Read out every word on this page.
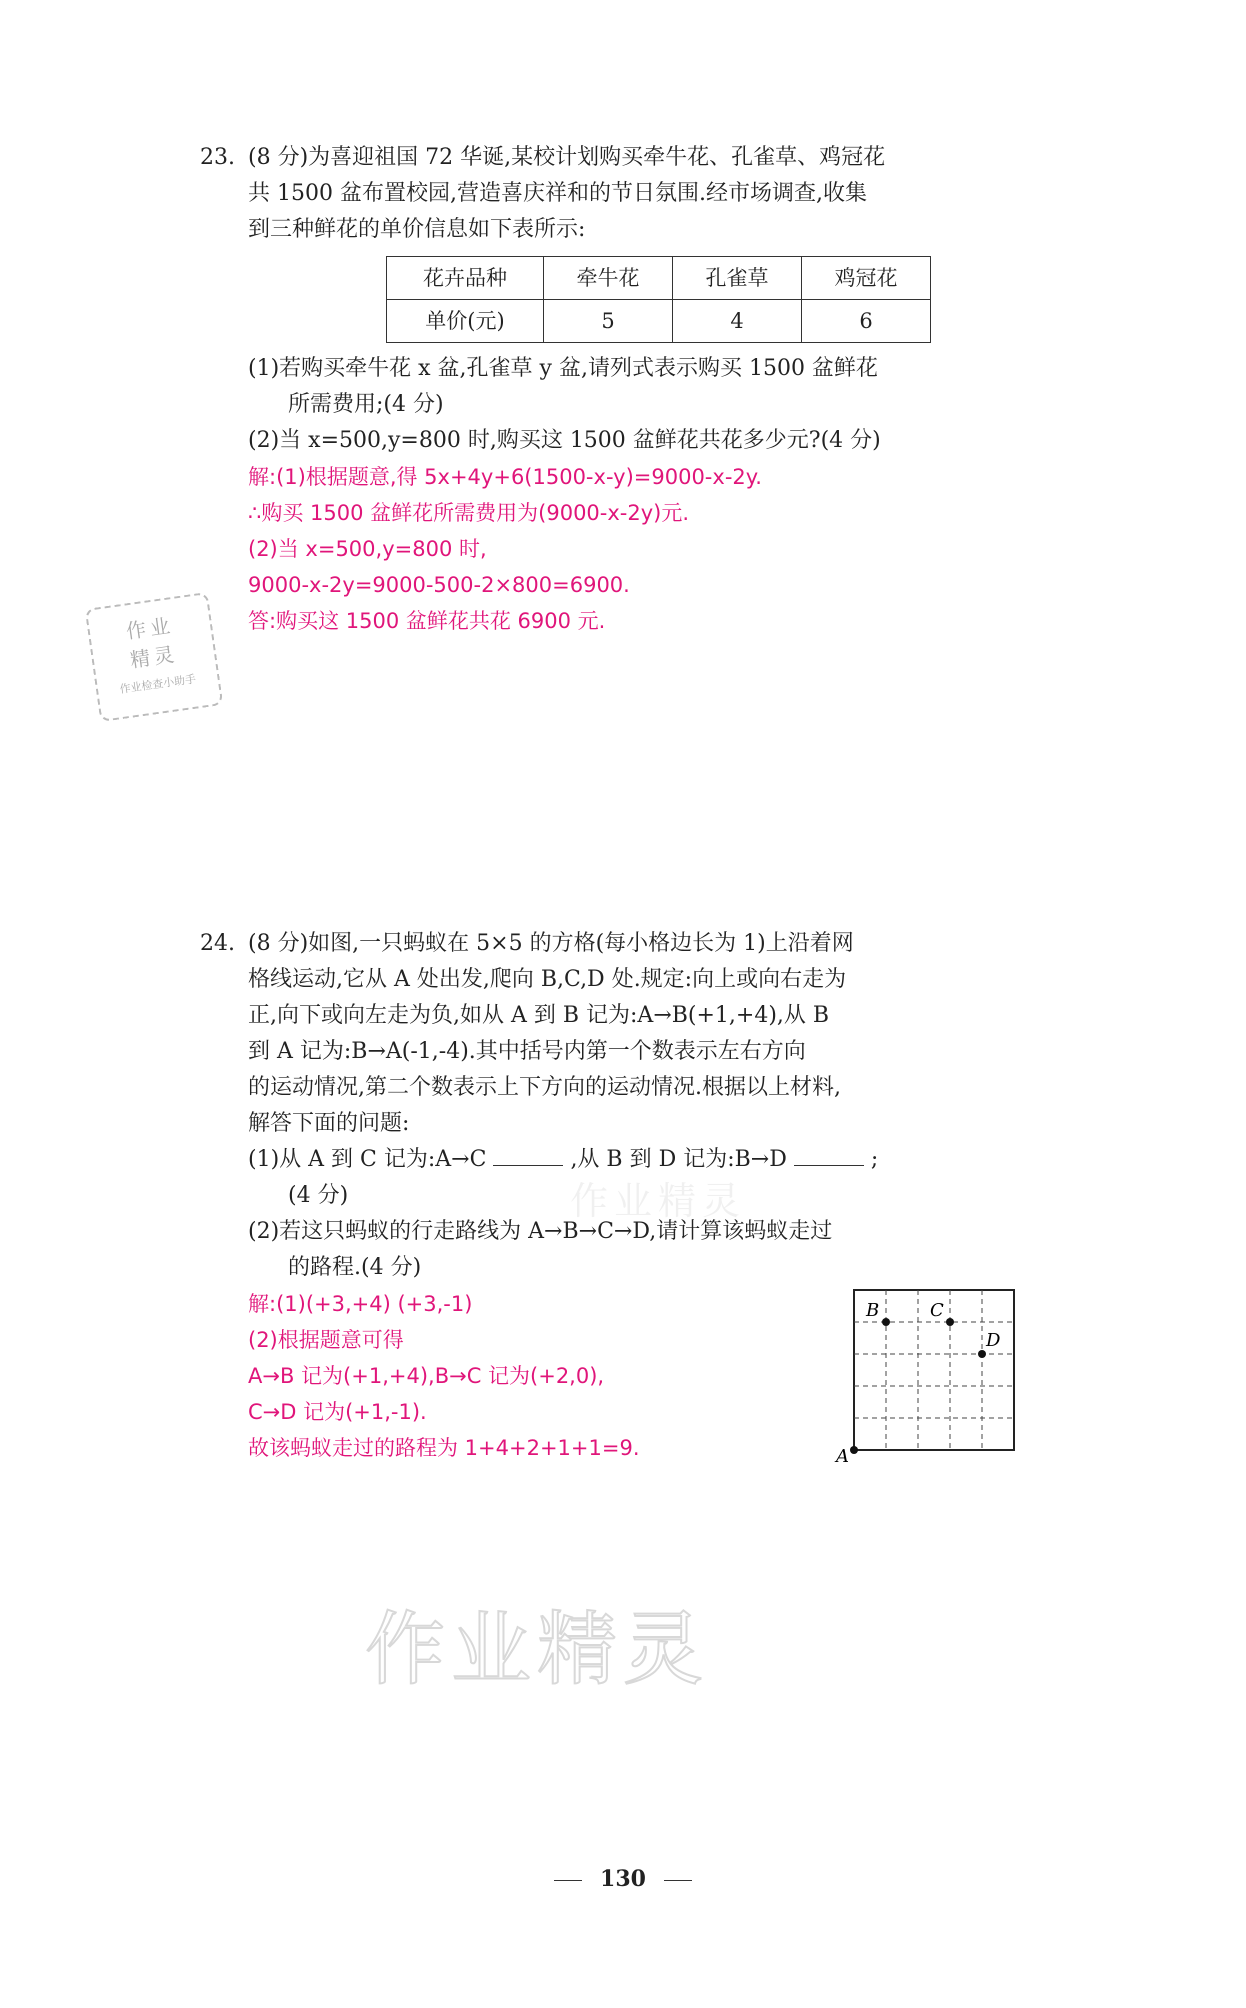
23. (8 分)为喜迎祖国 72 华诞,某校计划购买牵牛花、孔雀草、鸡冠花

共 1500 盆布置校园,营造喜庆祥和的节日氛围.经市场调查,收集

到三种鲜花的单价信息如下表所示:

花卉品种	牵牛花	孔雀草	鸡冠花
单价(元)	5	4	6

(1)若购买牵牛花 x 盆,孔雀草 y 盆,请列式表示购买 1500 盆鲜花

所需费用;(4 分)

(2)当 x=500,y=800 时,购买这 1500 盆鲜花共花多少元?(4 分)

解:(1)根据题意,得 5x+4y+6(1500-x-y)=9000-x-2y.

∴购买 1500 盆鲜花所需费用为(9000-x-2y)元.

(2)当 x=500,y=800 时,

9000-x-2y=9000-500-2×800=6900.

答:购买这 1500 盆鲜花共花 6900 元.

作业
精灵
作业检查小助手
24. (8 分)如图,一只蚂蚁在 5×5 的方格(每小格边长为 1)上沿着网

格线运动,它从 A 处出发,爬向 B,C,D 处.规定:向上或向右走为

正,向下或向左走为负,如从 A 到 B 记为:A→B(+1,+4),从 B

到 A 记为:B→A(-1,-4).其中括号内第一个数表示左右方向

的运动情况,第二个数表示上下方向的运动情况.根据以上材料,

解答下面的问题:

(1)从 A 到 C 记为:A→C	,从 B 到 D 记为:B→D	;

(4 分)

(2)若这只蚂蚁的行走路线为 A→B→C→D,请计算该蚂蚁走过

的路程.(4 分)

解:(1)(+3,+4) (+3,-1)

(2)根据题意可得

A→B 记为(+1,+4),B→C 记为(+2,0),

C→D 记为(+1,-1).

故该蚂蚁走过的路程为 1+4+2+1+1=9.	A
B	C
D
作业精灵
作业精灵
130
